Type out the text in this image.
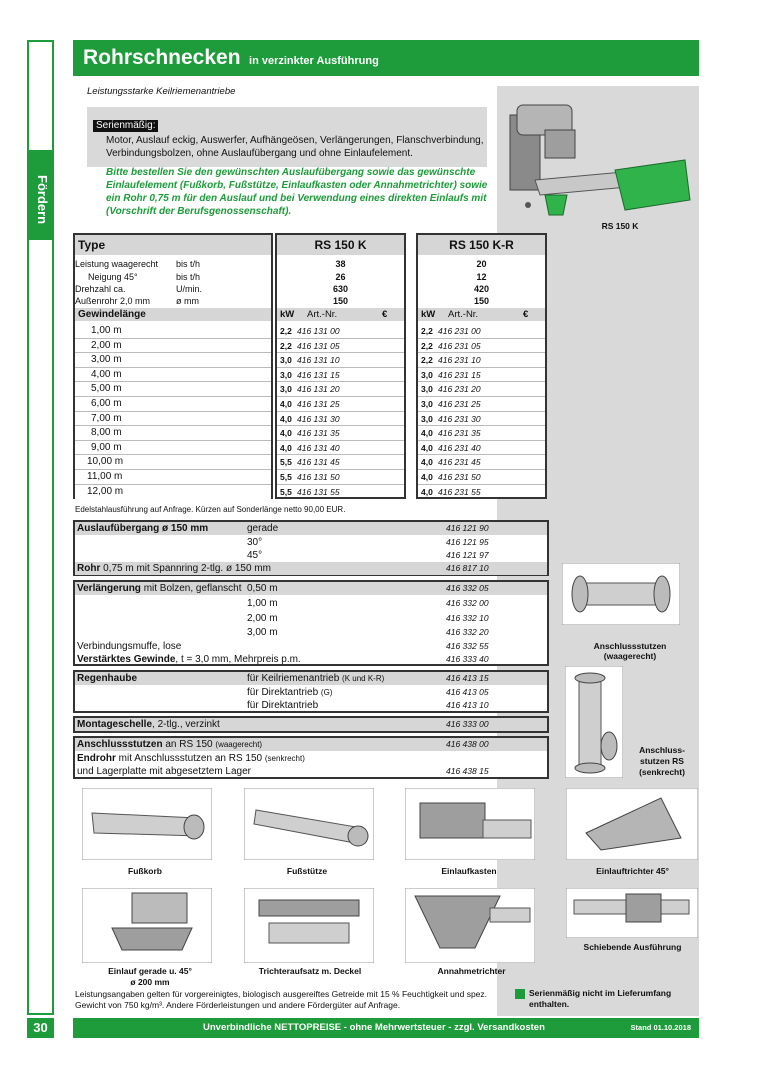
Fördern
30
Rohrschnecken in verzinkter Ausführung
Leistungsstarke Keilriemenantriebe
RS 150 K
Serienmäßig:
Motor, Auslauf eckig, Auswerfer, Aufhängeösen, Verlängerungen, Flanschverbindung, Verbindungsbolzen, ohne Auslaufübergang und ohne Einlaufelement.
Bitte bestellen Sie den gewünschten Auslaufübergang sowie das gewünschte Einlaufelement (Fußkorb, Fußstütze, Einlaufkasten oder Annahmetrichter) sowie ein Rohr 0,75 m für den Auslauf und bei Verwendung eines direkten Einlaufs mit (Vorschrift der Berufsgenossenschaft).
Type	RS 150 K	RS 150 K-R
Leistung waagerecht bis t/h	38	20
Neigung 45°	bis t/h	26	12
Drehzahl ca.	U/min.	630	420
Außenrohr 2,0 mm	ø mm	150	150
Gewindelänge	kW Art.-Nr.	€	kW Art.-Nr.	€
1,00 m	2,2 416 131 00	2,2 416 231 00
2,00 m	2,2 416 131 05	2,2 416 231 05
3,00 m	3,0 416 131 10	2,2 416 231 10
4,00 m	3,0 416 131 15	3,0 416 231 15
5,00 m	3,0 416 131 20	3,0 416 231 20
6,00 m	4,0 416 131 25	3,0 416 231 25
7,00 m	4,0 416 131 30	3,0 416 231 30
8,00 m	4,0 416 131 35	4,0 416 231 35
9,00 m	4,0 416 131 40	4,0 416 231 40
10,00 m	5,5 416 131 45	4,0 416 231 45
11,00 m	5,5 416 131 50	4,0 416 231 50
12,00 m	5,5 416 131 55	4,0 416 231 55
Edelstahlausführung auf Anfrage. Kürzen auf Sonderlänge netto 90,00 EUR.
Auslaufübergang ø 150 mm	gerade	416 121 90
30°	416 121 95
45°	416 121 97
Rohr 0,75 m mit Spannring 2-tlg. ø 150 mm	416 817 10
Verlängerung mit Bolzen, geflanscht 0,50 m	416 332 05
1,00 m	416 332 00
2,00 m	416 332 10
3,00 m	416 332 20
Verbindungsmuffe, lose	416 332 55
Verstärktes Gewinde, t = 3,0 mm, Mehrpreis p.m.	416 333 40
Regenhaube	für Keilriemenantrieb (K und K-R)	416 413 15
für Direktantrieb (G)	416 413 05
für Direktantrieb	416 413 10
Montageschelle, 2-tlg., verzinkt	416 333 00
Anschlussstutzen an RS 150 (waagerecht)	416 438 00
Endrohr mit Anschlussstutzen an RS 150 (senkrecht)
und Lagerplatte mit abgesetztem Lager	416 438 15
Anschlussstutzen
(waagerecht)
Anschluss-
stutzen RS
(senkrecht)
Fußkorb	Fußstütze	Einlaufkasten	Einlauftrichter 45°
Einlauf gerade u. 45°
ø 200 mm
Trichteraufsatz m. Deckel	Annahmetrichter
Schiebende Ausführung
Leistungsangaben gelten für vorgereinigtes, biologisch ausgereiftes Getreide mit 15 % Feuchtigkeit und spez. Gewicht von 750 kg/m³. Andere Förderleistungen und andere Fördergüter auf Anfrage.
Serienmäßig nicht im Lieferumfang enthalten.
Unverbindliche NETTOPREISE - ohne Mehrwertsteuer - zzgl. Versandkosten	Stand 01.10.2018
